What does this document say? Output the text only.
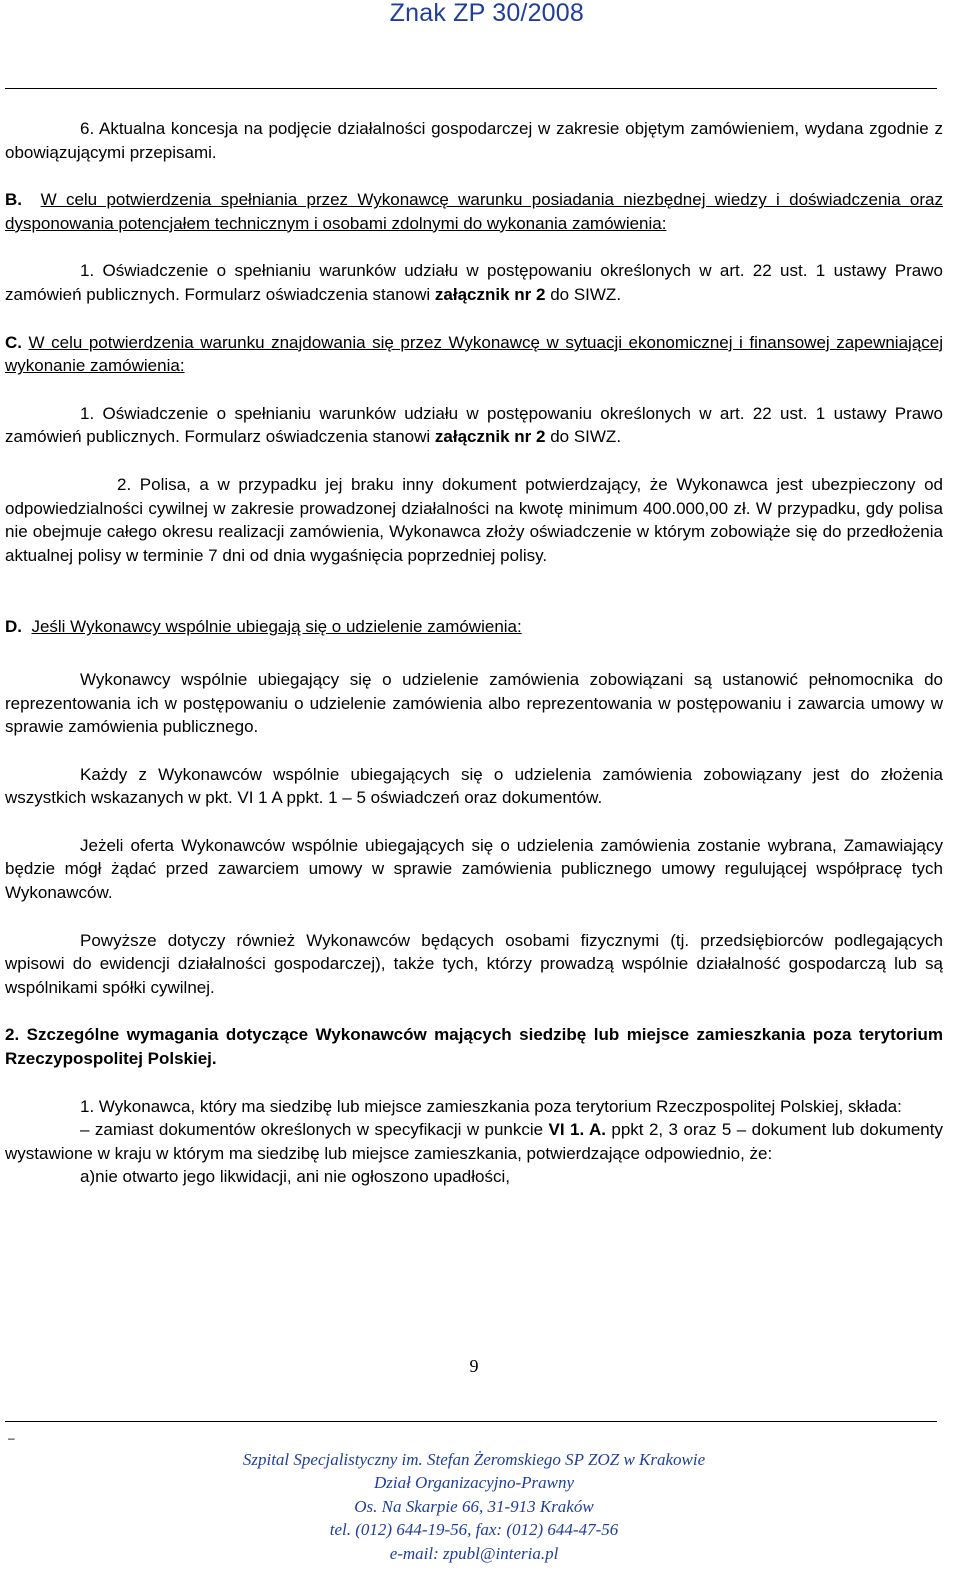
Znak ZP 30/2008

6. Aktualna koncesja na podjęcie działalności gospodarczej w zakresie objętym zamówieniem, wydana zgodnie z obowiązującymi przepisami.

B. W celu potwierdzenia spełniania przez Wykonawcę warunku posiadania niezbędnej wiedzy i doświadczenia oraz dysponowania potencjałem technicznym i osobami zdolnymi do wykonania zamówienia:

1. Oświadczenie o spełnianiu warunków udziału w postępowaniu określonych w art. 22 ust. 1 ustawy Prawo zamówień publicznych. Formularz oświadczenia stanowi załącznik nr 2 do SIWZ.

C. W celu potwierdzenia warunku znajdowania się przez Wykonawcę w sytuacji ekonomicznej i finansowej zapewniającej wykonanie zamówienia:

1. Oświadczenie o spełnianiu warunków udziału w postępowaniu określonych w art. 22 ust. 1 ustawy Prawo zamówień publicznych. Formularz oświadczenia stanowi załącznik nr 2 do SIWZ.

2. Polisa, a w przypadku jej braku inny dokument potwierdzający, że Wykonawca jest ubezpieczony od odpowiedzialności cywilnej w zakresie prowadzonej działalności na kwotę minimum 400.000,00 zł. W przypadku, gdy polisa nie obejmuje całego okresu realizacji zamówienia, Wykonawca złoży oświadczenie w którym zobowiąże się do przedłożenia aktualnej polisy w terminie 7 dni od dnia wygaśnięcia poprzedniej polisy.

D. Jeśli Wykonawcy wspólnie ubiegają się o udzielenie zamówienia:

Wykonawcy wspólnie ubiegający się o udzielenie zamówienia zobowiązani są ustanowić pełnomocnika do reprezentowania ich w postępowaniu o udzielenie zamówienia albo reprezentowania w postępowaniu i zawarcia umowy w sprawie zamówienia publicznego.

Każdy z Wykonawców wspólnie ubiegających się o udzielenia zamówienia zobowiązany jest do złożenia wszystkich wskazanych w pkt. VI 1 A ppkt. 1 – 5 oświadczeń oraz dokumentów.

Jeżeli oferta Wykonawców wspólnie ubiegających się o udzielenia zamówienia zostanie wybrana, Zamawiający będzie mógł żądać przed zawarciem umowy w sprawie zamówienia publicznego umowy regulującej współpracę tych Wykonawców.

Powyższe dotyczy również Wykonawców będących osobami fizycznymi (tj. przedsiębiorców podlegających wpisowi do ewidencji działalności gospodarczej), także tych, którzy prowadzą wspólnie działalność gospodarczą lub są wspólnikami spółki cywilnej.

2. Szczególne wymagania dotyczące Wykonawców mających siedzibę lub miejsce zamieszkania poza terytorium Rzeczypospolitej Polskiej.

1. Wykonawca, który ma siedzibę lub miejsce zamieszkania poza terytorium Rzeczpospolitej Polskiej, składa:

– zamiast dokumentów określonych w specyfikacji w punkcie VI 1. A. ppkt 2, 3 oraz 5 – dokument lub dokumenty wystawione w kraju w którym ma siedzibę lub miejsce zamieszkania, potwierdzające odpowiednio, że:

a)nie otwarto jego likwidacji, ani nie ogłoszono upadłości,

9
–
Szpital Specjalistyczny im. Stefan Żeromskiego SP ZOZ w Krakowie
Dział Organizacyjno-Prawny
Os. Na Skarpie 66, 31-913 Kraków
tel. (012) 644-19-56, fax: (012) 644-47-56
e-mail: zpubl@interia.pl
